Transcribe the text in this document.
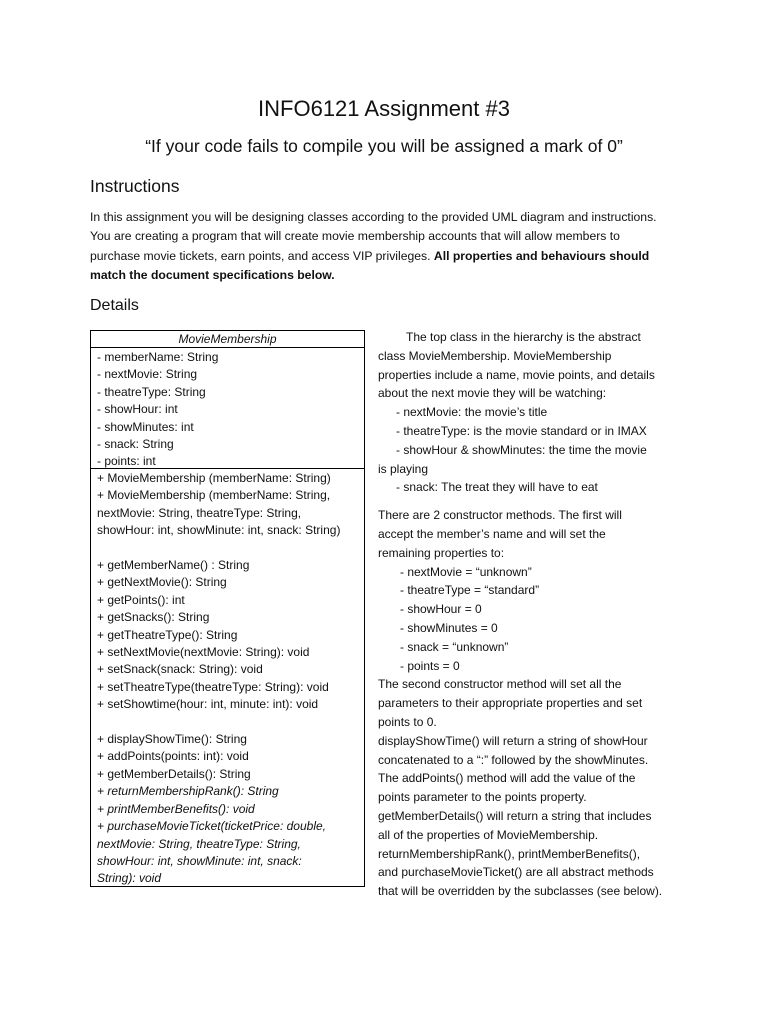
INFO6121 Assignment #3
“If your code fails to compile you will be assigned a mark of 0”
Instructions
In this assignment you will be designing classes according to the provided UML diagram and instructions.
You are creating a program that will create movie membership accounts that will allow members to
purchase movie tickets, earn points, and access VIP privileges. All properties and behaviours should
match the document specifications below.
Details
MovieMembership
- memberName: String
- nextMovie: String
- theatreType: String
- showHour: int
- showMinutes: int
- snack: String
- points: int
+ MovieMembership (memberName: String)
+ MovieMembership (memberName: String,
nextMovie: String, theatreType: String,
showHour: int, showMinute: int, snack: String)
+ getMemberName() : String
+ getNextMovie(): String
+ getPoints(): int
+ getSnacks(): String
+ getTheatreType(): String
+ setNextMovie(nextMovie: String): void
+ setSnack(snack: String): void
+ setTheatreType(theatreType: String): void
+ setShowtime(hour: int, minute: int): void
+ displayShowTime(): String
+ addPoints(points: int): void
+ getMemberDetails(): String
+ returnMembershipRank(): String
+ printMemberBenefits(): void
+ purchaseMovieTicket(ticketPrice: double,
nextMovie: String, theatreType: String,
showHour: int, showMinute: int, snack:
String): void
The top class in the hierarchy is the abstract
class MovieMembership. MovieMembership
properties include a name, movie points, and details
about the next movie they will be watching:
- nextMovie: the movie’s title
- theatreType: is the movie standard or in IMAX
- showHour & showMinutes: the time the movie
is playing
- snack: The treat they will have to eat
There are 2 constructor methods. The first will
accept the member’s name and will set the
remaining properties to:
- nextMovie = “unknown”
- theatreType = “standard”
- showHour = 0
- showMinutes = 0
- snack = “unknown”
- points = 0
The second constructor method will set all the
parameters to their appropriate properties and set
points to 0.
displayShowTime() will return a string of showHour
concatenated to a “:” followed by the showMinutes.
The addPoints() method will add the value of the
points parameter to the points property.
getMemberDetails() will return a string that includes
all of the properties of MovieMembership.
returnMembershipRank(), printMemberBenefits(),
and purchaseMovieTicket() are all abstract methods
that will be overridden by the subclasses (see below).
